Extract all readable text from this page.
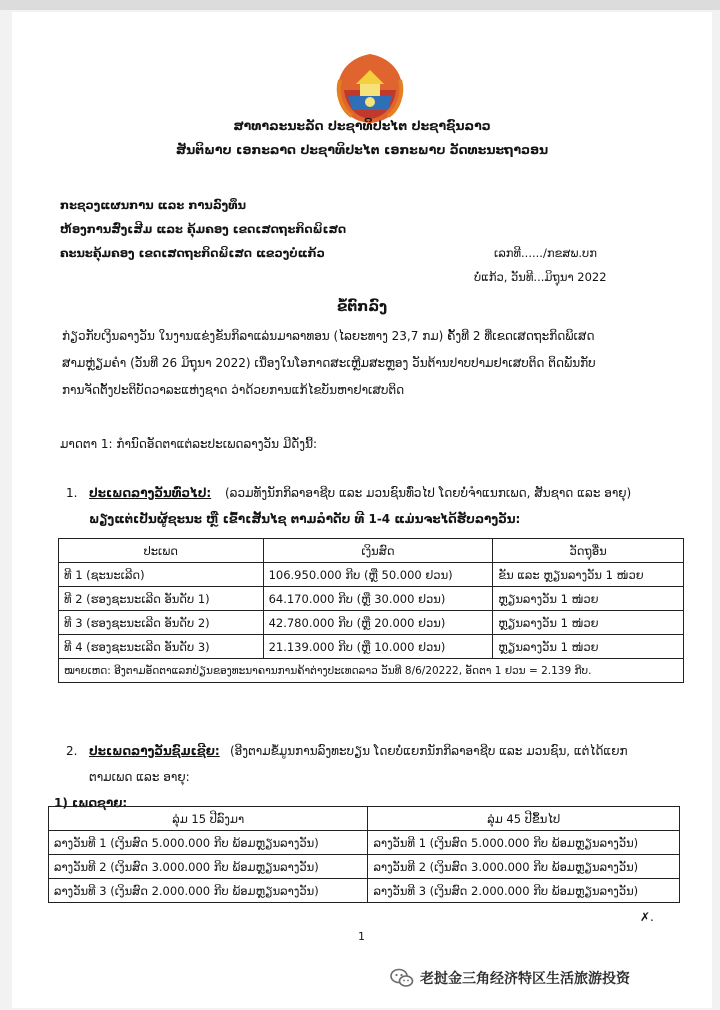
ສາທາລະນະລັດ ປະຊາທິປະໄຕ ປະຊາຊົນລາວ
ສັນຕິພາບ ເອກະລາດ ປະຊາທິປະໄຕ ເອກະພາບ ວັດທະນະຖາວອນ
ກະຊວງແຜນການ ແລະ ການລົງທຶນ
ຫ້ອງການສົ່ງເສີມ ແລະ ຄຸ້ມຄອງ ເຂດເສດຖະກິດພິເສດ
ຄະນະຄຸ້ມຄອງ ເຂດເສດຖະກິດພິເສດ ແຂວງບໍ່ແກ້ວ	ເລກທີ....../ກຂສພ.ບກ
ບໍ່ແກ້ວ, ວັນທີ...ມິຖຸນາ 2022
ຂໍ້ຕົກລົງ
ກ່ຽວກັບເງິນລາງວັນ ໃນງານແຂ່ງຂັນກິລາແລ່ນມາລາທອນ (ໄລຍະທາງ 23,7 ກມ) ຄັ້ງທີ 2 ທີ່ເຂດເສດຖະກິດພິເສດ
ສາມຫຼ່ຽມຄຳ (ວັນທີ 26 ມິຖຸນາ 2022) ເນື່ອງໃນໂອກາດສະເຫຼີມສະຫຼອງ ວັນຕ້ານປາບປາມຢາເສບຕິດ ຕິດພັນກັບ
ການຈັດຕັ້ງປະຕິບັດວາລະແຫ່ງຊາດ ວ່າດ້ວຍການແກ້ໄຂບັນຫາຢາເສບຕິດ
ມາດຕາ 1: ກຳນົດອັດຕາແຕ່ລະປະເພດລາງວັນ ມີດັ່ງນີ້:
1. ປະເພດລາງວັນທົ່ວໄປ: (ລວມທັງນັກກິລາອາຊີບ ແລະ ມວນຊົນທົ່ວໄປ ໂດຍບໍ່ຈຳແນກເພດ, ສັນຊາດ ແລະ ອາຍຸ)
ພຽງແຕ່ເປັນຜູ້ຊະນະ ຫຼື ເຂົ້າເສັ້ນໄຊ ຕາມລຳດັບ ທີ 1-4 ແມ່ນຈະໄດ້ຮັບລາງວັນ:
ປະເພດ	ເງິນສົດ	ວັດຖຸອື່ນ
ທີ 1 (ຊະນະເລີດ)	106.950.000 ກີບ (ຫຼື 50.000 ຢວນ)	ຂັນ ແລະ ຫຼຽນລາງວັນ 1 ໜ່ວຍ
ທີ 2 (ຮອງຊະນະເລີດ ອັນດັບ 1)	64.170.000 ກີບ (ຫຼື 30.000 ຢວນ)	ຫຼຽນລາງວັນ 1 ໜ່ວຍ
ທີ 3 (ຮອງຊະນະເລີດ ອັນດັບ 2)	42.780.000 ກີບ (ຫຼື 20.000 ຢວນ)	ຫຼຽນລາງວັນ 1 ໜ່ວຍ
ທີ 4 (ຮອງຊະນະເລີດ ອັນດັບ 3)	21.139.000 ກີບ (ຫຼື 10.000 ຢວນ)	ຫຼຽນລາງວັນ 1 ໜ່ວຍ
ໝາຍເຫດ: ອີງຕາມອັດຕາແລກປ່ຽນຂອງທະນາຄານການຄ້າຕ່າງປະເທດລາວ ວັນທີ 8/6/20222, ອັດຕາ 1 ຢວນ = 2.139 ກີບ.		
2. ປະເພດລາງວັນຊົມເຊີຍ: (ອີງຕາມຂໍ້ມູນການລົງທະບຽນ ໂດຍບໍ່ແຍກນັກກິລາອາຊີບ ແລະ ມວນຊົນ, ແຕ່ໄດ້ແຍກ
ຕາມເພດ ແລະ ອາຍຸ:
1) ເພດຊາຍ:
ລຸ່ມ 15 ປີລົງມາ	ລຸ່ມ 45 ປີຂຶ້ນໄປ
ລາງວັນທີ 1 (ເງິນສົດ 5.000.000 ກີບ ພ້ອມຫຼຽນລາງວັນ)	ລາງວັນທີ 1 (ເງິນສົດ 5.000.000 ກີບ ພ້ອມຫຼຽນລາງວັນ)
ລາງວັນທີ 2 (ເງິນສົດ 3.000.000 ກີບ ພ້ອມຫຼຽນລາງວັນ)	ລາງວັນທີ 2 (ເງິນສົດ 3.000.000 ກີບ ພ້ອມຫຼຽນລາງວັນ)
ລາງວັນທີ 3 (ເງິນສົດ 2.000.000 ກີບ ພ້ອມຫຼຽນລາງວັນ)	ລາງວັນທີ 3 (ເງິນສົດ 2.000.000 ກີບ ພ້ອມຫຼຽນລາງວັນ)
✗.
1
老挝金三角经济特区生活旅游投资
